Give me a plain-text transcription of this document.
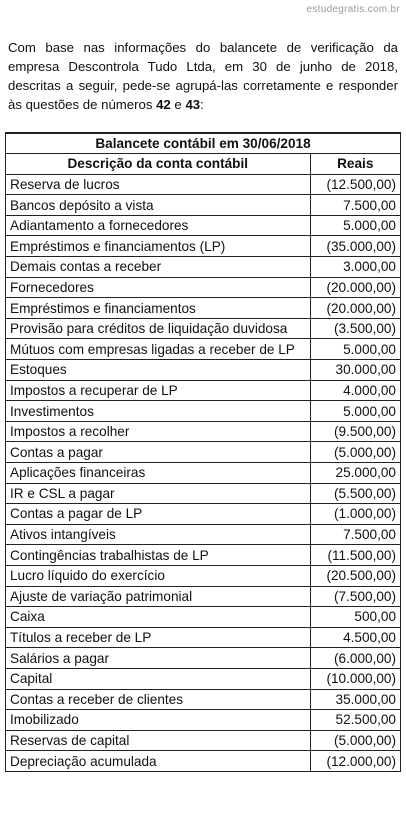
estudegratis.com.br

Com base nas informações do balancete de verificação da empresa Descontrola Tudo Ltda, em 30 de junho de 2018, descritas a seguir, pede-se agrupá-las corretamente e responder às questões de números 42 e 43:

Balancete contábil em 30/06/2018	
Descrição da conta contábil	Reais
Reserva de lucros	(12.500,00)
Bancos depósito a vista	7.500,00
Adiantamento a fornecedores	5.000,00
Empréstimos e financiamentos (LP)	(35.000,00)
Demais contas a receber	3.000,00
Fornecedores	(20.000,00)
Empréstimos e financiamentos	(20.000,00)
Provisão para créditos de liquidação duvidosa	(3.500,00)
Mútuos com empresas ligadas a receber de LP	5.000,00
Estoques	30.000,00
Impostos a recuperar de LP	4.000,00
Investimentos	5.000,00
Impostos a recolher	(9.500,00)
Contas a pagar	(5.000,00)
Aplicações financeiras	25.000,00
IR e CSL a pagar	(5.500,00)
Contas a pagar de LP	(1.000,00)
Ativos intangíveis	7.500,00
Contingências trabalhistas de LP	(11.500,00)
Lucro líquido do exercício	(20.500,00)
Ajuste de variação patrimonial	(7.500,00)
Caixa	500,00
Títulos a receber de LP	4.500,00
Salários a pagar	(6.000,00)
Capital	(10.000,00)
Contas a receber de clientes	35.000,00
Imobilizado	52.500,00
Reservas de capital	(5.000,00)
Depreciação acumulada	(12.000,00)
